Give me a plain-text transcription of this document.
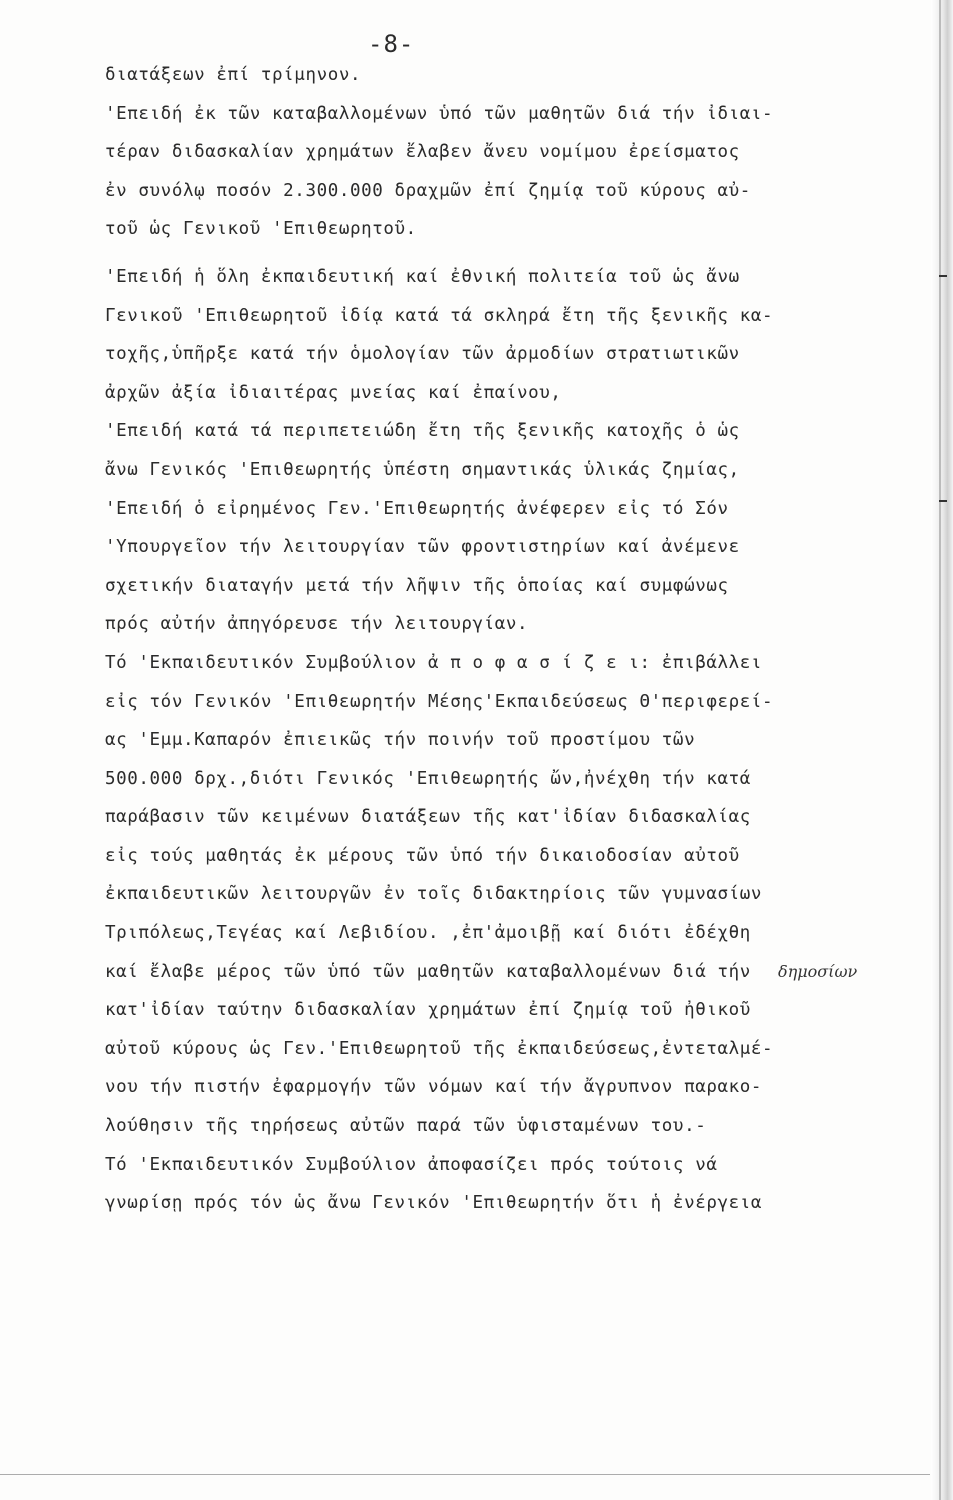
-8-
διατάξεων ἐπί τρίμηνον.
'Επειδή ἐκ τῶν καταβαλλομένων ὑπό τῶν μαθητῶν διά τήν ἰδιαι-
τέραν διδασκαλίαν χρημάτων ἔλαβεν ἄνευ νομίμου ἐρείσματος
ἐν συνόλῳ ποσόν 2.300.000 δραχμῶν ἐπί ζημίᾳ τοῦ κύρους αὐ-
τοῦ ὡς Γενικοῦ 'Επιθεωρητοῦ.
'Επειδή ἡ ὅλη ἐκπαιδευτική καί ἐθνική πολιτεία τοῦ ὡς ἄνω
Γενικοῦ 'Επιθεωρητοῦ ἰδίᾳ κατά τά σκληρά ἔτη τῆς ξενικῆς κα-
τοχῆς,ὑπῆρξε κατά τήν ὁμολογίαν τῶν ἀρμοδίων στρατιωτικῶν
ἀρχῶν ἀξία ἰδιαιτέρας μνείας καί ἐπαίνου,
'Επειδή κατά τά περιπετειώδη ἔτη τῆς ξενικῆς κατοχῆς ὁ ὡς
ἄνω Γενικός 'Επιθεωρητής ὑπέστη σημαντικάς ὑλικάς ζημίας,
'Επειδή ὁ εἰρημένος Γεν.'Επιθεωρητής ἀνέφερεν εἰς τό Σόν
'Υπουργεῖον τήν λειτουργίαν τῶν φροντιστηρίων καί ἀνέμενε
σχετικήν διαταγήν μετά τήν λῆψιν τῆς ὁποίας καί συμφώνως
πρός αὐτήν ἀπηγόρευσε τήν λειτουργίαν.
Τό 'Εκπαιδευτικόν Συμβούλιον ἀ π ο φ α σ ί ζ ε ι: ἐπιβάλλει
εἰς τόν Γενικόν 'Επιθεωρητήν Μέσης'Εκπαιδεύσεως Θ'περιφερεί-
ας 'Εμμ.Καπαρόν ἐπιεικῶς τήν ποινήν τοῦ προστίμου τῶν
500.000 δρχ.,διότι Γενικός 'Επιθεωρητής ὤν,ἠνέχθη τήν κατά
παράβασιν τῶν κειμένων διατάξεων τῆς κατ'ἰδίαν διδασκαλίας
εἰς τούς μαθητάς ἐκ μέρους τῶν ὑπό τήν δικαιοδοσίαν αὐτοῦ
ἐκπαιδευτικῶν λειτουργῶν ἐν τοῖς διδακτηρίοις τῶν γυμνασίων
Τριπόλεως,Τεγέας καί Λεβιδίου. ,ἐπ'ἀμοιβῇ καί διότι ἐδέχθη
καί ἔλαβε μέρος τῶν ὑπό τῶν μαθητῶν καταβαλλομένων διά τήν
κατ'ἰδίαν ταύτην διδασκαλίαν χρημάτων ἐπί ζημίᾳ τοῦ ἠθικοῦ
αὐτοῦ κύρους ὡς Γεν.'Επιθεωρητοῦ τῆς ἐκπαιδεύσεως,ἐντεταλμέ-
νου τήν πιστήν ἐφαρμογήν τῶν νόμων καί τήν ἄγρυπνον παρακο-
λούθησιν τῆς τηρήσεως αὐτῶν παρά τῶν ὑφισταμένων του.-
Τό 'Εκπαιδευτικόν Συμβούλιον ἀποφασίζει πρός τούτοις νά
γνωρίσῃ πρός τόν ὡς ἄνω Γενικόν 'Επιθεωρητήν ὅτι ἡ ἐνέργεια
δημοσίων
